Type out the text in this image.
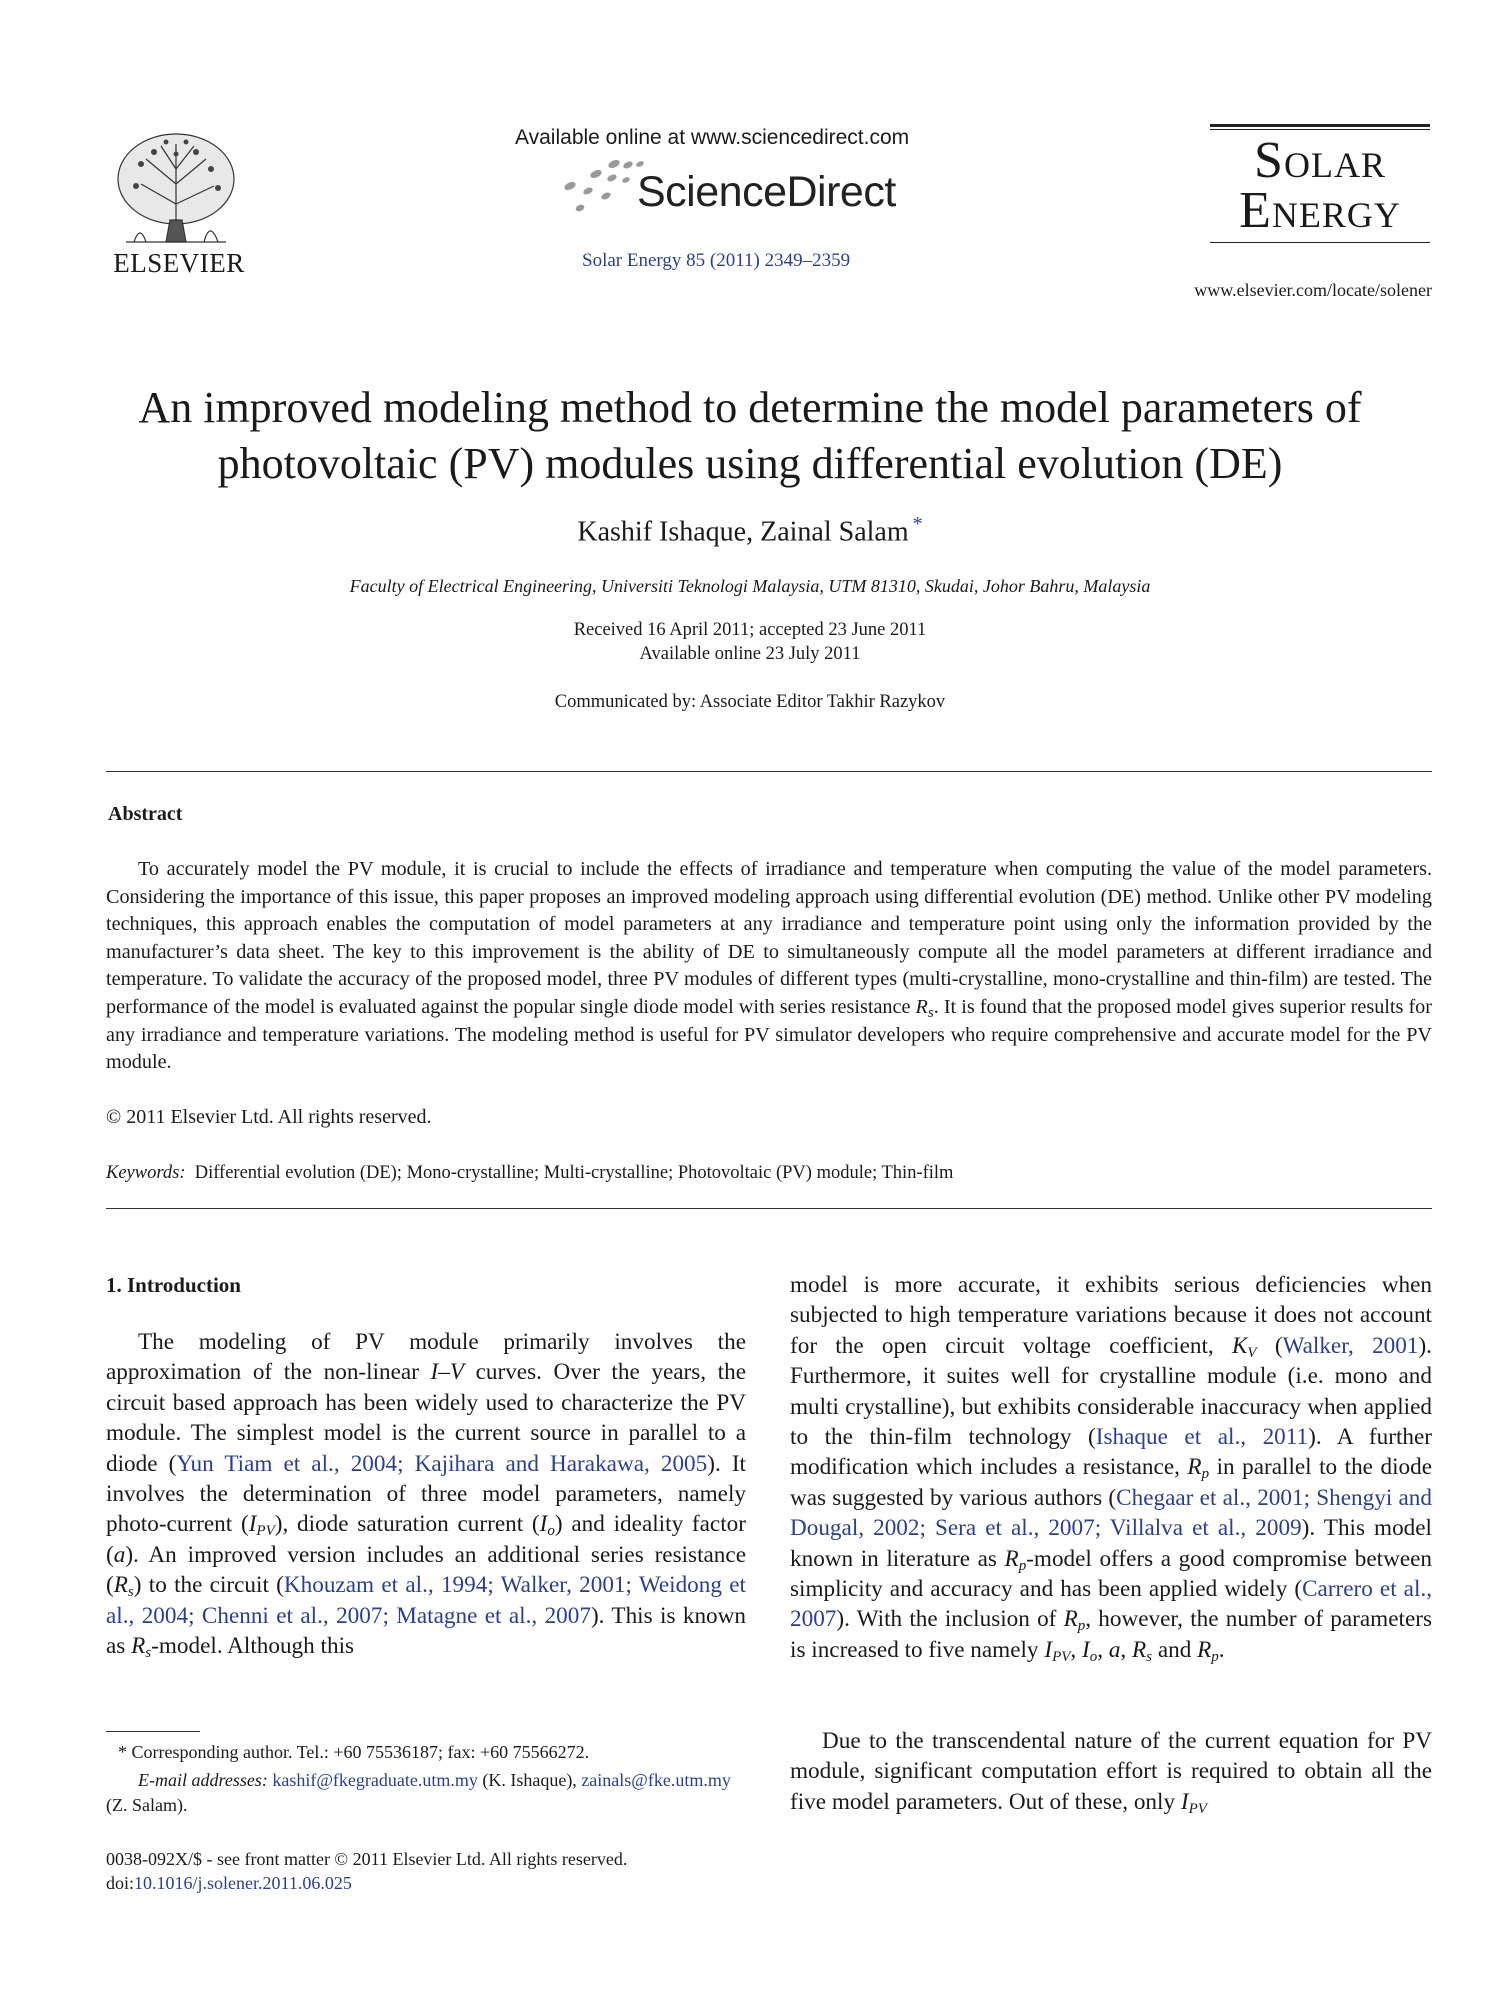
ELSEVIER
Available online at www.sciencedirect.com
ScienceDirect
Solar Energy 85 (2011) 2349–2359
Solar
Energy
www.elsevier.com/locate/solener
An improved modeling method to determine the model parameters of photovoltaic (PV) modules using differential evolution (DE)
Kashif Ishaque, Zainal Salam *
Faculty of Electrical Engineering, Universiti Teknologi Malaysia, UTM 81310, Skudai, Johor Bahru, Malaysia
Received 16 April 2011; accepted 23 June 2011
Available online 23 July 2011
Communicated by: Associate Editor Takhir Razykov
Abstract
To accurately model the PV module, it is crucial to include the effects of irradiance and temperature when computing the value of the model parameters. Considering the importance of this issue, this paper proposes an improved modeling approach using differential evolution (DE) method. Unlike other PV modeling techniques, this approach enables the computation of model parameters at any irradiance and temperature point using only the information provided by the manufacturer’s data sheet. The key to this improvement is the ability of DE to simultaneously compute all the model parameters at different irradiance and temperature. To validate the accuracy of the proposed model, three PV modules of different types (multi-crystalline, mono-crystalline and thin-film) are tested. The performance of the model is evaluated against the popular single diode model with series resistance $R_s$. It is found that the proposed model gives superior results for any irradiance and temperature variations. The modeling method is useful for PV simulator developers who require comprehensive and accurate model for the PV module.
© 2011 Elsevier Ltd. All rights reserved.
Keywords: Differential evolution (DE); Mono-crystalline; Multi-crystalline; Photovoltaic (PV) module; Thin-film
1. Introduction
The modeling of PV module primarily involves the approximation of the non-linear I–V curves. Over the years, the circuit based approach has been widely used to characterize the PV module. The simplest model is the current source in parallel to a diode (Yun Tiam et al., 2004; Kajihara and Harakawa, 2005). It involves the determination of three model parameters, namely photo-current $(I_{PV})$, diode saturation current $(I_o)$ and ideality factor (a). An improved version includes an additional series resistance $(R_s)$ to the circuit (Khouzam et al., 1994; Walker, 2001; Weidong et al., 2004; Chenni et al., 2007; Matagne et al., 2007). This is known as $R_s$-model. Although this
model is more accurate, it exhibits serious deficiencies when subjected to high temperature variations because it does not account for the open circuit voltage coefficient, $K_V$ (Walker, 2001). Furthermore, it suites well for crystalline module (i.e. mono and multi crystalline), but exhibits considerable inaccuracy when applied to the thin-film technology (Ishaque et al., 2011). A further modification which includes a resistance, $R_p$ in parallel to the diode was suggested by various authors (Chegaar et al., 2001; Shengyi and Dougal, 2002; Sera et al., 2007; Villalva et al., 2009). This model known in literature as $R_p$-model offers a good compromise between simplicity and accuracy and has been applied widely (Carrero et al., 2007). With the inclusion of $R_p$, however, the number of parameters is increased to five namely $I_{PV}$, $I_o$, a, $R_s$ and $R_p$.
Due to the transcendental nature of the current equation for PV module, significant computation effort is required to obtain all the five model parameters. Out of these, only $I_{PV}$
* Corresponding author. Tel.: +60 75536187; fax: +60 75566272.
E-mail addresses: kashif@fkegraduate.utm.my (K. Ishaque), zainals@fke.utm.my (Z. Salam).
0038-092X/$ - see front matter © 2011 Elsevier Ltd. All rights reserved.
doi:10.1016/j.solener.2011.06.025
